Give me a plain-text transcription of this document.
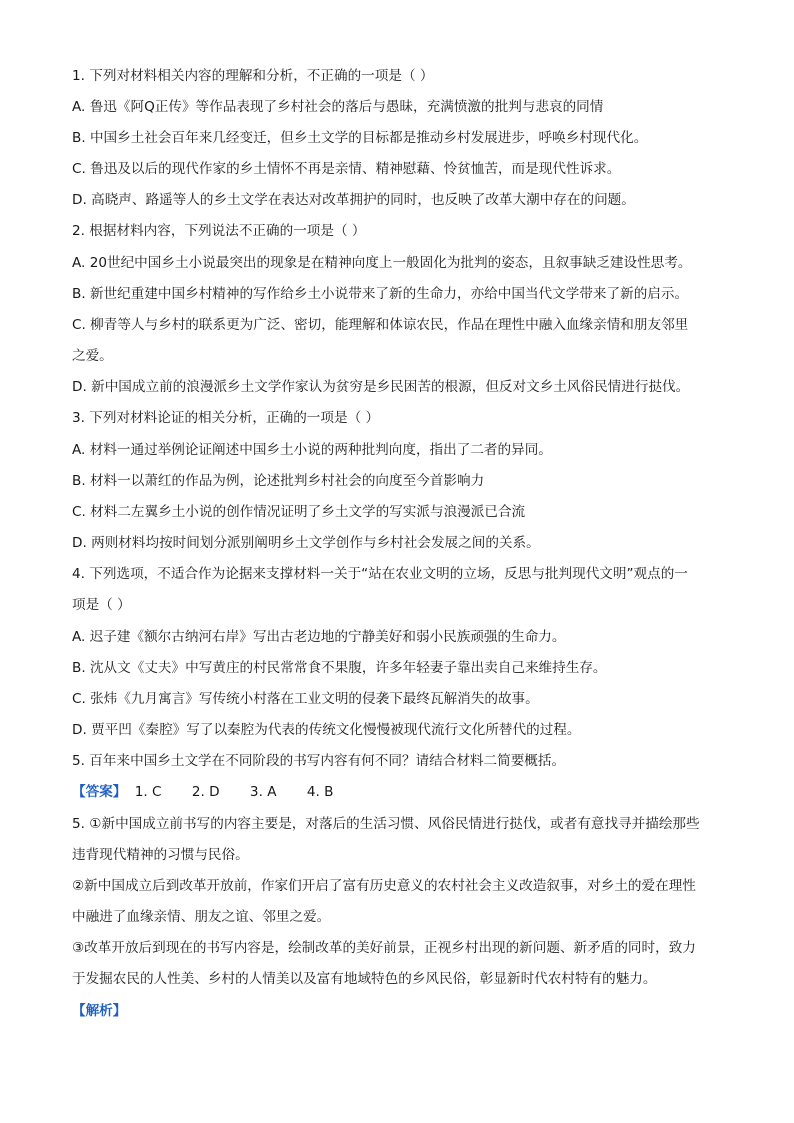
1. 下列对材料相关内容的理解和分析，不正确的一项是（ ）
A. 鲁迅《阿Q正传》等作品表现了乡村社会的落后与愚昧，充满愤激的批判与悲哀的同情
B. 中国乡土社会百年来几经变迁，但乡土文学的目标都是推动乡村发展进步，呼唤乡村现代化。
C. 鲁迅及以后的现代作家的乡土情怀不再是亲情、精神慰藉、怜贫恤苦，而是现代性诉求。
D. 高晓声、路遥等人的乡土文学在表达对改革拥护的同时，也反映了改革大潮中存在的问题。
2. 根据材料内容，下列说法不正确的一项是（ ）
A. 20世纪中国乡土小说最突出的现象是在精神向度上一般固化为批判的姿态，且叙事缺乏建设性思考。
B. 新世纪重建中国乡村精神的写作给乡土小说带来了新的生命力，亦给中国当代文学带来了新的启示。
C. 柳青等人与乡村的联系更为广泛、密切，能理解和体谅农民，作品在理性中融入血缘亲情和朋友邻里
之爱。
D. 新中国成立前的浪漫派乡土文学作家认为贫穷是乡民困苦的根源，但反对文乡土风俗民情进行挞伐。
3. 下列对材料论证的相关分析，正确的一项是（ ）
A. 材料一通过举例论证阐述中国乡土小说的两种批判向度，指出了二者的异同。
B. 材料一以萧红的作品为例，论述批判乡村社会的向度至今首影响力
C. 材料二左翼乡土小说的创作情况证明了乡土文学的写实派与浪漫派已合流
D. 两则材料均按时间划分派别阐明乡土文学创作与乡村社会发展之间的关系。
4. 下列选项，不适合作为论据来支撑材料一关于“站在农业文明的立场，反思与批判现代文明”观点的一
项是（ ）
A. 迟子建《额尔古纳河右岸》写出古老边地的宁静美好和弱小民族顽强的生命力。
B. 沈从文《丈夫》中写黄庄的村民常常食不果腹，许多年轻妻子靠出卖自己来维持生存。
C. 张炜《九月寓言》写传统小村落在工业文明的侵袭下最终瓦解消失的故事。
D. 贾平凹《秦腔》写了以秦腔为代表的传统文化慢慢被现代流行文化所替代的过程。
5. 百年来中国乡土文学在不同阶段的书写内容有何不同？请结合材料二简要概括。
【答案】 1. C 2. D 3. A 4. B
5. ①新中国成立前书写的内容主要是，对落后的生活习惯、风俗民情进行挞伐，或者有意找寻并描绘那些
违背现代精神的习惯与民俗。
②新中国成立后到改革开放前，作家们开启了富有历史意义的农村社会主义改造叙事，对乡土的爱在理性
中融进了血缘亲情、朋友之谊、邻里之爱。
③改革开放后到现在的书写内容是，绘制改革的美好前景，正视乡村出现的新问题、新矛盾的同时，致力
于发掘农民的人性美、乡村的人情美以及富有地域特色的乡风民俗，彰显新时代农村特有的魅力。
【解析】
